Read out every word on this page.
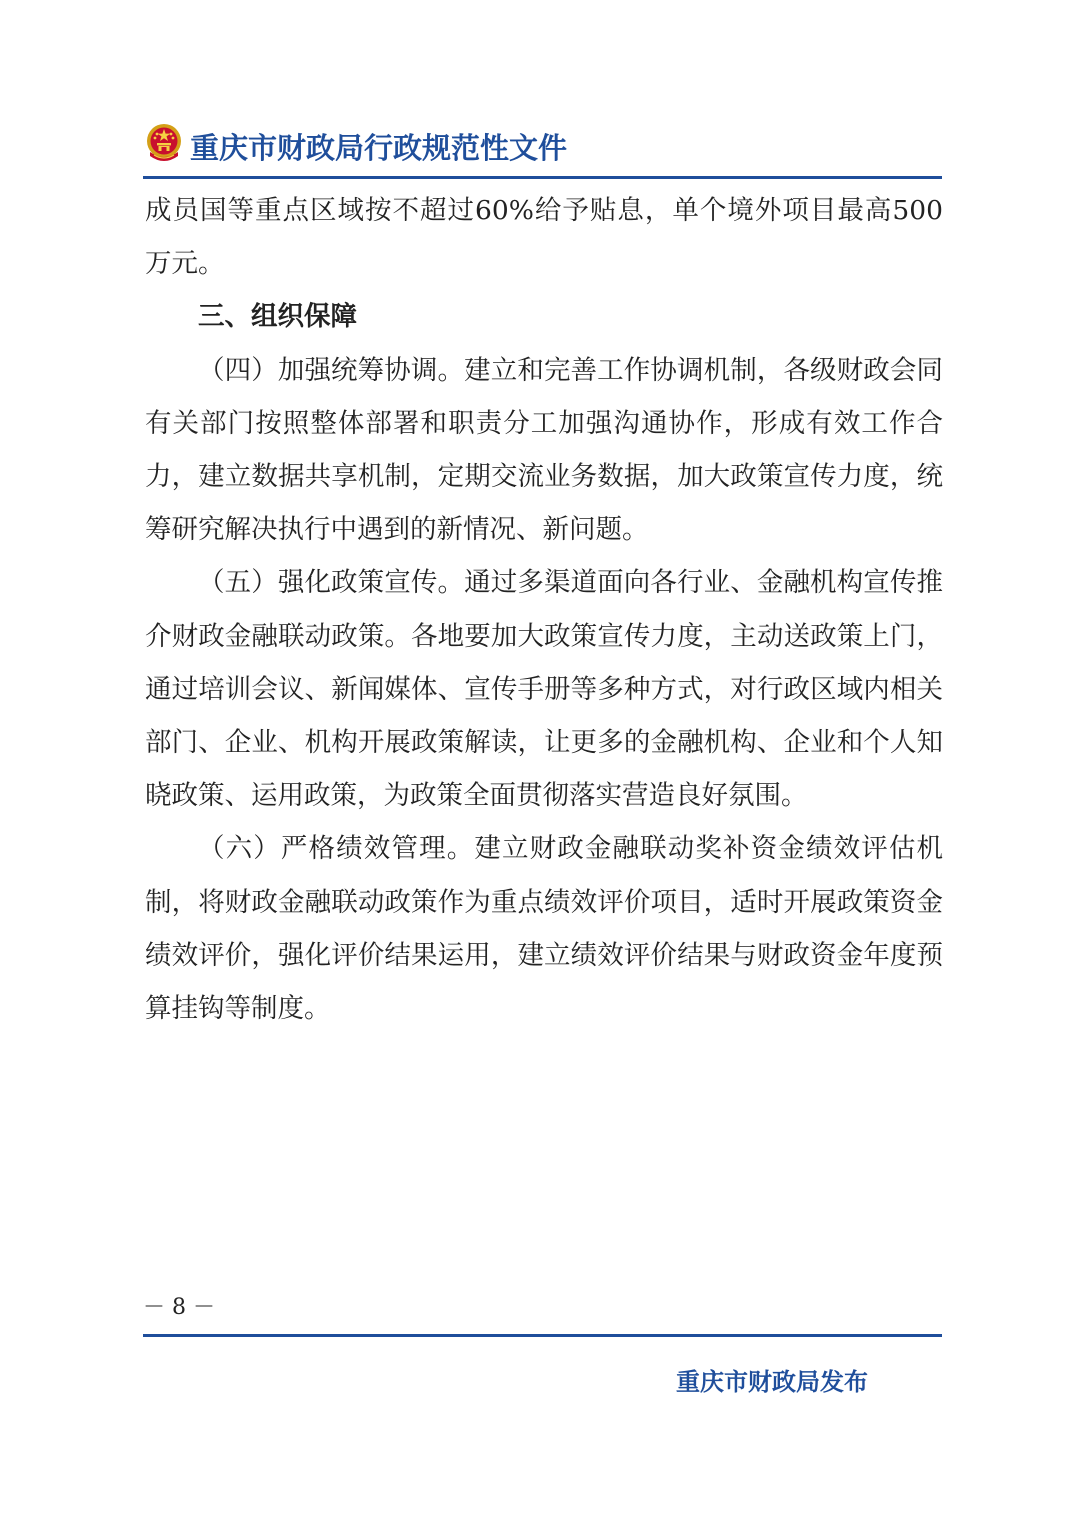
重庆市财政局行政规范性文件

成员国等重点区域按不超过60%给予贴息，单个境外项目最高500万元。

三、组织保障

（四）加强统筹协调。建立和完善工作协调机制，各级财政会同有关部门按照整体部署和职责分工加强沟通协作，形成有效工作合力，建立数据共享机制，定期交流业务数据，加大政策宣传力度，统筹研究解决执行中遇到的新情况、新问题。

（五）强化政策宣传。通过多渠道面向各行业、金融机构宣传推介财政金融联动政策。各地要加大政策宣传力度，主动送政策上门，通过培训会议、新闻媒体、宣传手册等多种方式，对行政区域内相关部门、企业、机构开展政策解读，让更多的金融机构、企业和个人知晓政策、运用政策，为政策全面贯彻落实营造良好氛围。

（六）严格绩效管理。建立财政金融联动奖补资金绩效评估机制，将财政金融联动政策作为重点绩效评价项目，适时开展政策资金绩效评价，强化评价结果运用，建立绩效评价结果与财政资金年度预算挂钩等制度。

－ 8 －
重庆市财政局发布
